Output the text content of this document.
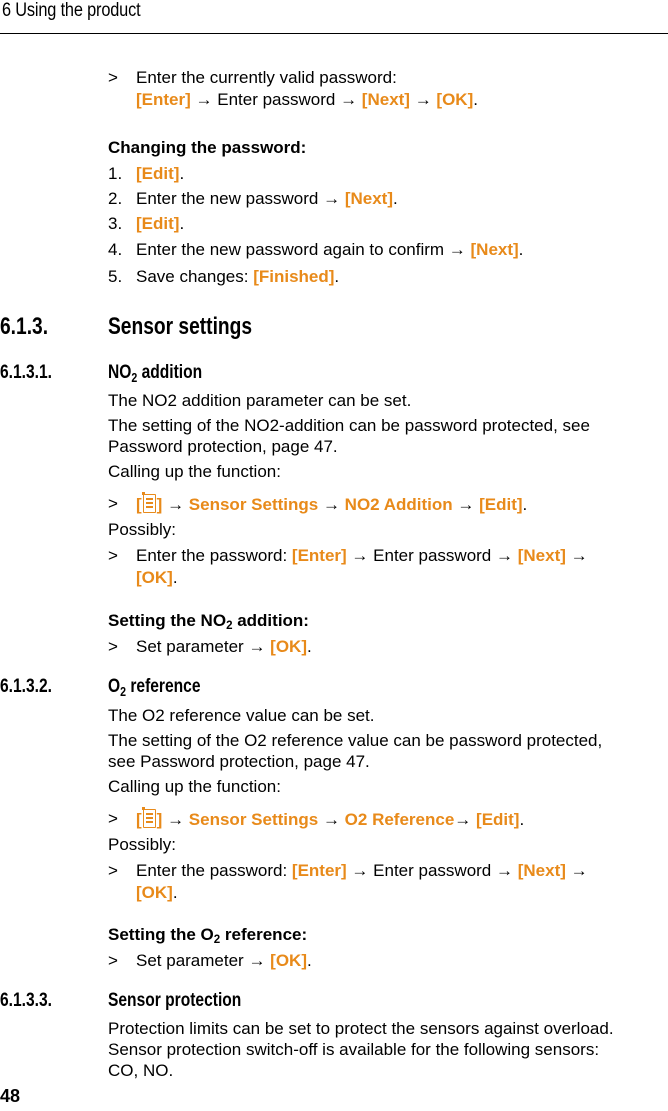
6 Using the product
> Enter the currently valid password:
[Enter] → Enter password → [Next] → [OK].
Changing the password:
1. [Edit].
2. Enter the new password → [Next].
3. [Edit].
4. Enter the new password again to confirm → [Next].
5. Save changes: [Finished].
6.1.3. Sensor settings
6.1.3.1.	NO2 addition
The NO2 addition parameter can be set.
The setting of the NO2-addition can be password protected, see
Password protection, page 47.
Calling up the function:
> [ ] → Sensor Settings → NO2 Addition → [Edit].
Possibly:
> Enter the password: [Enter] → Enter password → [Next] →
[OK].
Setting the NO2 addition:
> Set parameter → [OK].
6.1.3.2.	O2 reference
The O2 reference value can be set.
The setting of the O2 reference value can be password protected,
see Password protection, page 47.
Calling up the function:
> [ ] → Sensor Settings → O2 Reference→ [Edit].
Possibly:
> Enter the password: [Enter] → Enter password → [Next] →
[OK].
Setting the O2 reference:
> Set parameter → [OK].
6.1.3.3.	Sensor protection
Protection limits can be set to protect the sensors against overload.
Sensor protection switch-off is available for the following sensors:
CO, NO.
48
